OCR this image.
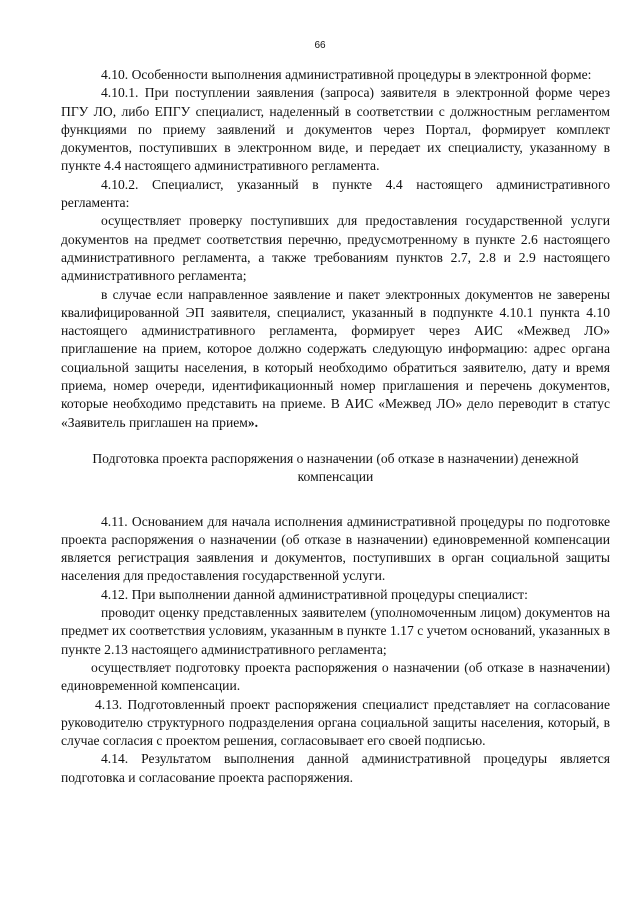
66

4.10. Особенности выполнения административной процедуры в электронной форме:

4.10.1. При поступлении заявления (запроса) заявителя в электронной форме через ПГУ ЛО, либо ЕПГУ специалист, наделенный в соответствии с должностным регламентом функциями по приему заявлений и документов через Портал, формирует комплект документов, поступивших в электронном виде, и передает их специалисту, указанному в пункте 4.4 настоящего административного регламента.

4.10.2. Специалист, указанный в пункте 4.4 настоящего административного регламента:

осуществляет проверку поступивших для предоставления государственной услуги документов на предмет соответствия перечню, предусмотренному в пункте 2.6 настоящего административного регламента, а также требованиям пунктов 2.7, 2.8 и 2.9 настоящего административного регламента;

в случае если направленное заявление и пакет электронных документов не заверены квалифицированной ЭП заявителя, специалист, указанный в подпункте 4.10.1 пункта 4.10 настоящего административного регламента, формирует через АИС «Межвед ЛО» приглашение на прием, которое должно содержать следующую информацию: адрес органа социальной защиты населения, в который необходимо обратиться заявителю, дату и время приема, номер очереди, идентификационный номер приглашения и перечень документов, которые необходимо представить на приеме. В АИС «Межвед ЛО» дело переводит в статус «Заявитель приглашен на прием».

Подготовка проекта распоряжения о назначении (об отказе в назначении) денежной компенсации

4.11. Основанием для начала исполнения административной процедуры по подготовке проекта распоряжения о назначении (об отказе в назначении) единовременной компенсации является регистрация заявления и документов, поступивших в орган социальной защиты населения для предоставления государственной услуги.

4.12. При выполнении данной административной процедуры специалист:

проводит оценку представленных заявителем (уполномоченным лицом) документов на предмет их соответствия условиям, указанным в пункте 1.17 с учетом оснований, указанных в пункте 2.13 настоящего административного регламента;

осуществляет подготовку проекта распоряжения о назначении (об отказе в назначении) единовременной компенсации.

4.13. Подготовленный проект распоряжения специалист представляет на согласование руководителю структурного подразделения органа социальной защиты населения, который, в случае согласия с проектом решения, согласовывает его своей подписью.

4.14. Результатом выполнения данной административной процедуры является подготовка и согласование проекта распоряжения.
